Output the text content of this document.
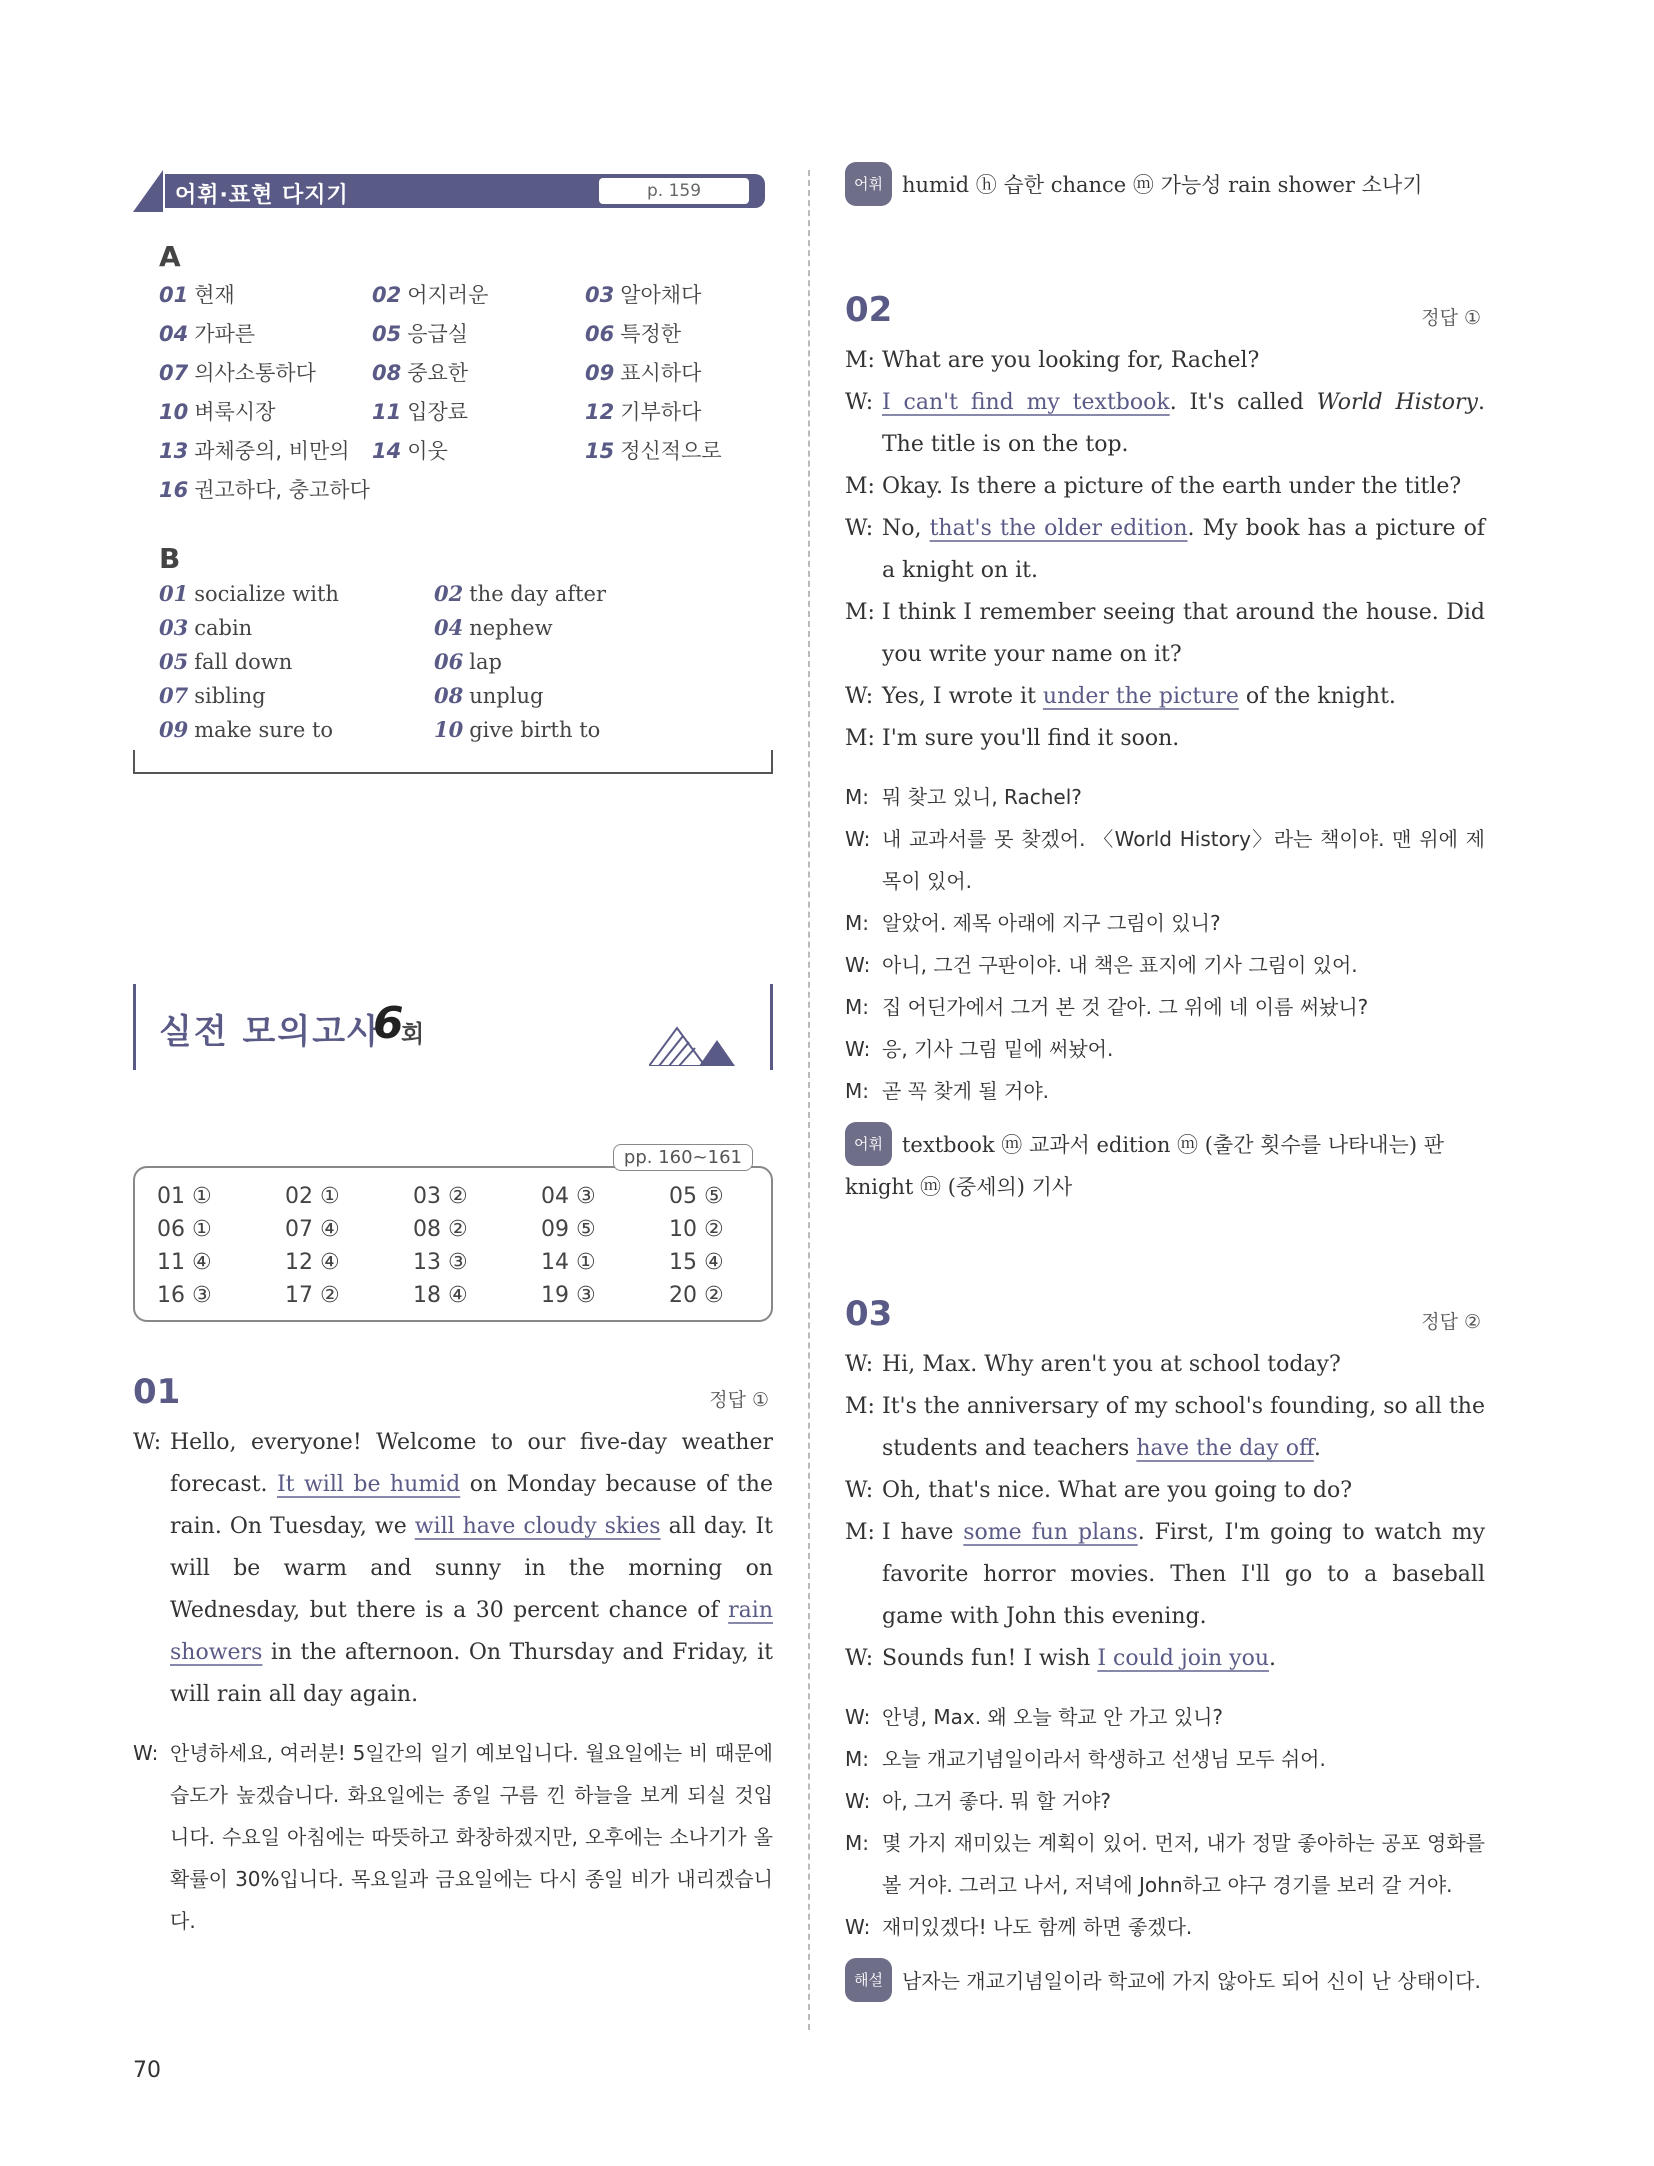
어휘·표현 다지기	p. 159
A
01 현재	02 어지러운	03 알아채다
04 가파른	05 응급실	06 특정한
07 의사소통하다	08 중요한	09 표시하다
10 벼룩시장	11 입장료	12 기부하다
13 과체중의, 비만의	14 이웃	15 정신적으로
16 권고하다, 충고하다
B
01 socialize with	02 the day after
03 cabin	04 nephew
05 fall down	06 lap
07 sibling	08 unplug
09 make sure to	10 give birth to
실전 모의고사
6
회
pp. 160~161
01 ①	02 ①	03 ②	04 ③	05 ⑤
06 ①	07 ④	08 ②	09 ⑤	10 ②
11 ④	12 ④	13 ③	14 ①	15 ④
16 ③	17 ②	18 ④	19 ③	20 ②
01	정답 ①
W: Hello, everyone! Welcome to our five-day weather forecast. It will be humid on Monday because of the rain. On Tuesday, we will have cloudy skies all day. It will be warm and sunny in the morning on Wednesday, but there is a 30 percent chance of rain showers in the afternoon. On Thursday and Friday, it will rain all day again.
W: 안녕하세요, 여러분! 5일간의 일기 예보입니다. 월요일에는 비 때문에 습도가 높겠습니다. 화요일에는 종일 구름 낀 하늘을 보게 되실 것입니다. 수요일 아침에는 따뜻하고 화창하겠지만, 오후에는 소나기가 올 확률이 30%입니다. 목요일과 금요일에는 다시 종일 비가 내리겠습니다.
어휘 humid ⓗ 습한 chance ⓜ 가능성 rain shower 소나기
02	정답 ①
M: What are you looking for, Rachel?
W: I can't find my textbook. It's called World History. The title is on the top.
M: Okay. Is there a picture of the earth under the title?
W: No, that's the older edition. My book has a picture of a knight on it.
M: I think I remember seeing that around the house. Did you write your name on it?
W: Yes, I wrote it under the picture of the knight.
M: I'm sure you'll find it soon.
M: 뭐 찾고 있니, Rachel?
W: 내 교과서를 못 찾겠어. 〈World History〉라는 책이야. 맨 위에 제목이 있어.
M: 알았어. 제목 아래에 지구 그림이 있니?
W: 아니, 그건 구판이야. 내 책은 표지에 기사 그림이 있어.
M: 집 어딘가에서 그거 본 것 같아. 그 위에 네 이름 써놨니?
W: 응, 기사 그림 밑에 써놨어.
M: 곧 꼭 찾게 될 거야.
어휘 textbook ⓜ 교과서 edition ⓜ (출간 횟수를 나타내는) 판 knight ⓜ (중세의) 기사
03	정답 ②
W: Hi, Max. Why aren't you at school today?
M: It's the anniversary of my school's founding, so all the students and teachers have the day off.
W: Oh, that's nice. What are you going to do?
M: I have some fun plans. First, I'm going to watch my favorite horror movies. Then I'll go to a baseball game with John this evening.
W: Sounds fun! I wish I could join you.
W: 안녕, Max. 왜 오늘 학교 안 가고 있니?
M: 오늘 개교기념일이라서 학생하고 선생님 모두 쉬어.
W: 아, 그거 좋다. 뭐 할 거야?
M: 몇 가지 재미있는 계획이 있어. 먼저, 내가 정말 좋아하는 공포 영화를 볼 거야. 그러고 나서, 저녁에 John하고 야구 경기를 보러 갈 거야.
W: 재미있겠다! 나도 함께 하면 좋겠다.
해설 남자는 개교기념일이라 학교에 가지 않아도 되어 신이 난 상태이다.
70
